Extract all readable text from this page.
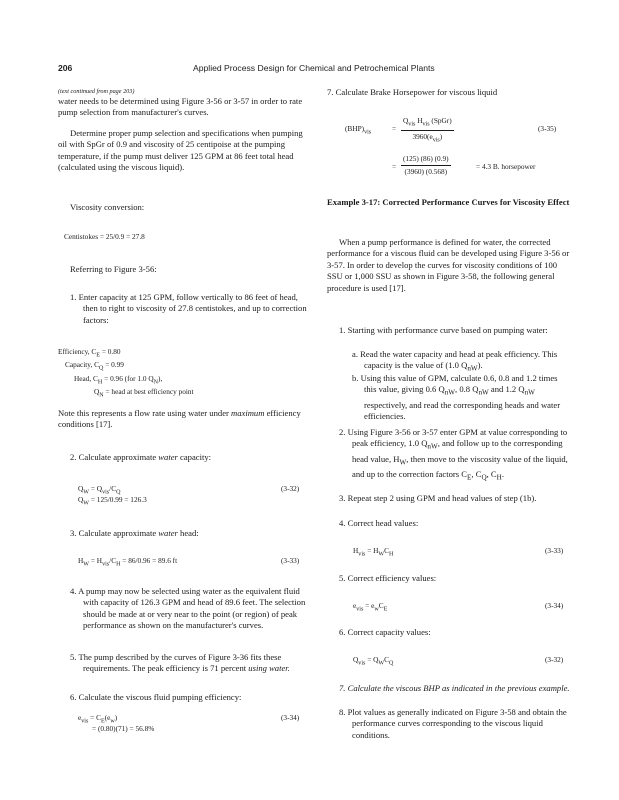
206	Applied Process Design for Chemical and Petrochemical Plants
(text continued from page 203)

water needs to be determined using Figure 3-56 or 3-57 in order to rate pump selection from manufacturer's curves.

Determine proper pump selection and specifications when pumping oil with SpGr of 0.9 and viscosity of 25 centipoise at the pumping temperature, if the pump must deliver 125 GPM at 86 feet total head (calculated using the viscous liquid).

Viscosity conversion:

Centistokes = 25/0.9 = 27.8

Referring to Figure 3-56:

1. Enter capacity at 125 GPM, follow vertically to 86 feet of head, then to right to viscosity of 27.8 centistokes, and up to correction factors:

Efficiency, $C_E = 0.80$
Capacity, $C_Q = 0.99$
Head, $C_H = 0.96$ (for 1.0 $Q_N$),
$Q_N$ = head at best efficiency point

Note this represents a flow rate using water under maximum efficiency conditions [17].

2. Calculate approximate water capacity:

$Q_W = Q_{vis}/C_Q$	(3-32)
$Q_W = 125/0.99 = 126.3$

3. Calculate approximate water head:

$H_W = H_{vis}/C_H = 86/0.96 = 89.6$ ft	(3-33)

4. A pump may now be selected using water as the equivalent fluid with capacity of 126.3 GPM and head of 89.6 feet. The selection should be made at or very near to the point (or region) of peak performance as shown on the manufacturer's curves.

5. The pump described by the curves of Figure 3-36 fits these requirements. The peak efficiency is 71 percent using water.

6. Calculate the viscous fluid pumping efficiency:

$e_{vis} = C_E(e_w)$	(3-34)
= (0.80)(71) = 56.8%

7. Calculate Brake Horsepower for viscous liquid

$(BHP)_{vis}$	= $\frac{Q_{vis} H_{vis} (SpGr)}{3960(e_{vis})}$	(3-35)
= $\frac{(125) (86) (0.9)}{(3960) (0.568)}$	= 4.3 B. horsepower

Example 3-17: Corrected Performance Curves for Viscosity Effect

When a pump performance is defined for water, the corrected performance for a viscous fluid can be developed using Figure 3-56 or 3-57. In order to develop the curves for viscosity conditions of 100 SSU or 1,000 SSU as shown in Figure 3-58, the following general procedure is used [17].

1. Starting with performance curve based on pumping water:

a. Read the water capacity and head at peak efficiency. This capacity is the value of (1.0 $Q_{nW}$).

b. Using this value of GPM, calculate 0.6, 0.8 and 1.2 times this value, giving 0.6 $Q_{nW}$, 0.8 $Q_{nW}$ and 1.2 $Q_{nW}$ respectively, and read the corresponding heads and water efficiencies.

2. Using Figure 3-56 or 3-57 enter GPM at value corresponding to peak efficiency, 1.0 $Q_{nW}$, and follow up to the corresponding head value, $H_W$, then move to the viscosity value of the liquid, and up to the correction factors $C_E$, $C_Q$, $C_H$.

3. Repeat step 2 using GPM and head values of step (1b).

4. Correct head values:

$H_{vis} = H_WC_H$	(3-33)

5. Correct efficiency values:

$e_{vis} = e_wC_E$	(3-34)

6. Correct capacity values:

$Q_{vis} = Q_WC_Q$	(3-32)

7. Calculate the viscous BHP as indicated in the previous example.

8. Plot values as generally indicated on Figure 3-58 and obtain the performance curves corresponding to the viscous liquid conditions.
